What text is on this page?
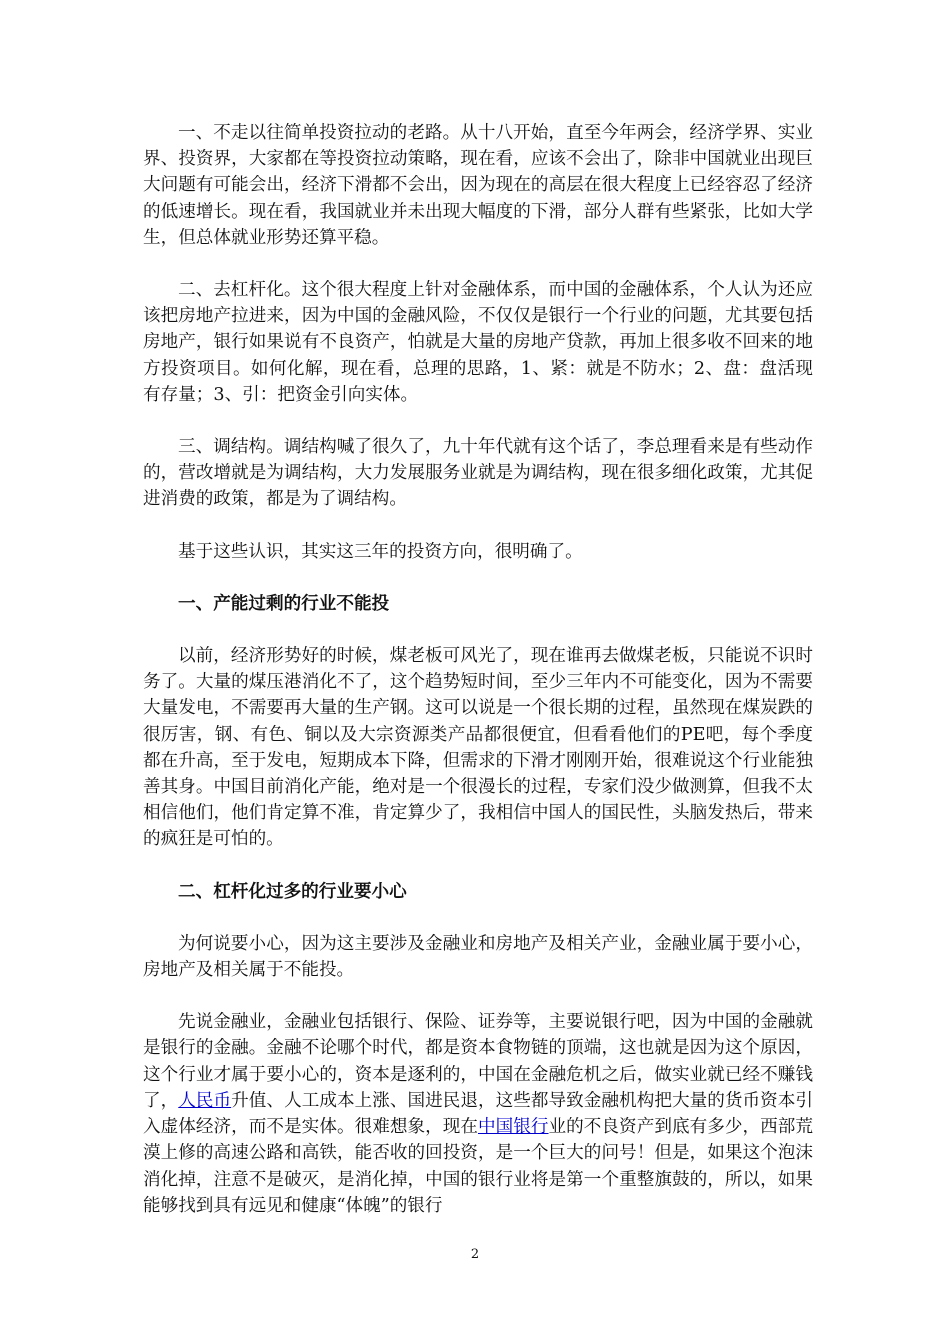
一、不走以往简单投资拉动的老路。从十八开始，直至今年两会，经济学界、实业界、投资界，大家都在等投资拉动策略，现在看，应该不会出了，除非中国就业出现巨大问题有可能会出，经济下滑都不会出，因为现在的高层在很大程度上已经容忍了经济的低速增长。现在看，我国就业并未出现大幅度的下滑，部分人群有些紧张，比如大学生，但总体就业形势还算平稳。

二、去杠杆化。这个很大程度上针对金融体系，而中国的金融体系，个人认为还应该把房地产拉进来，因为中国的金融风险，不仅仅是银行一个行业的问题，尤其要包括房地产，银行如果说有不良资产，怕就是大量的房地产贷款，再加上很多收不回来的地方投资项目。如何化解，现在看，总理的思路，1、紧：就是不防水；2、盘：盘活现有存量；3、引：把资金引向实体。

三、调结构。调结构喊了很久了，九十年代就有这个话了，李总理看来是有些动作的，营改增就是为调结构，大力发展服务业就是为调结构，现在很多细化政策，尤其促进消费的政策，都是为了调结构。

基于这些认识，其实这三年的投资方向，很明确了。

一、产能过剩的行业不能投

以前，经济形势好的时候，煤老板可风光了，现在谁再去做煤老板，只能说不识时务了。大量的煤压港消化不了，这个趋势短时间，至少三年内不可能变化，因为不需要大量发电，不需要再大量的生产钢。这可以说是一个很长期的过程，虽然现在煤炭跌的很厉害，钢、有色、铜以及大宗资源类产品都很便宜，但看看他们的PE吧，每个季度都在升高，至于发电，短期成本下降，但需求的下滑才刚刚开始，很难说这个行业能独善其身。中国目前消化产能，绝对是一个很漫长的过程，专家们没少做测算，但我不太相信他们，他们肯定算不准，肯定算少了，我相信中国人的国民性，头脑发热后，带来的疯狂是可怕的。

二、杠杆化过多的行业要小心

为何说要小心，因为这主要涉及金融业和房地产及相关产业，金融业属于要小心，房地产及相关属于不能投。

先说金融业，金融业包括银行、保险、证券等，主要说银行吧，因为中国的金融就是银行的金融。金融不论哪个时代，都是资本食物链的顶端，这也就是因为这个原因，这个行业才属于要小心的，资本是逐利的，中国在金融危机之后，做实业就已经不赚钱了，人民币升值、人工成本上涨、国进民退，这些都导致金融机构把大量的货币资本引入虚体经济，而不是实体。很难想象，现在中国银行业的不良资产到底有多少，西部荒漠上修的高速公路和高铁，能否收的回投资，是一个巨大的问号！但是，如果这个泡沫消化掉，注意不是破灭，是消化掉，中国的银行业将是第一个重整旗鼓的，所以，如果能够找到具有远见和健康“体魄”的银行

2
